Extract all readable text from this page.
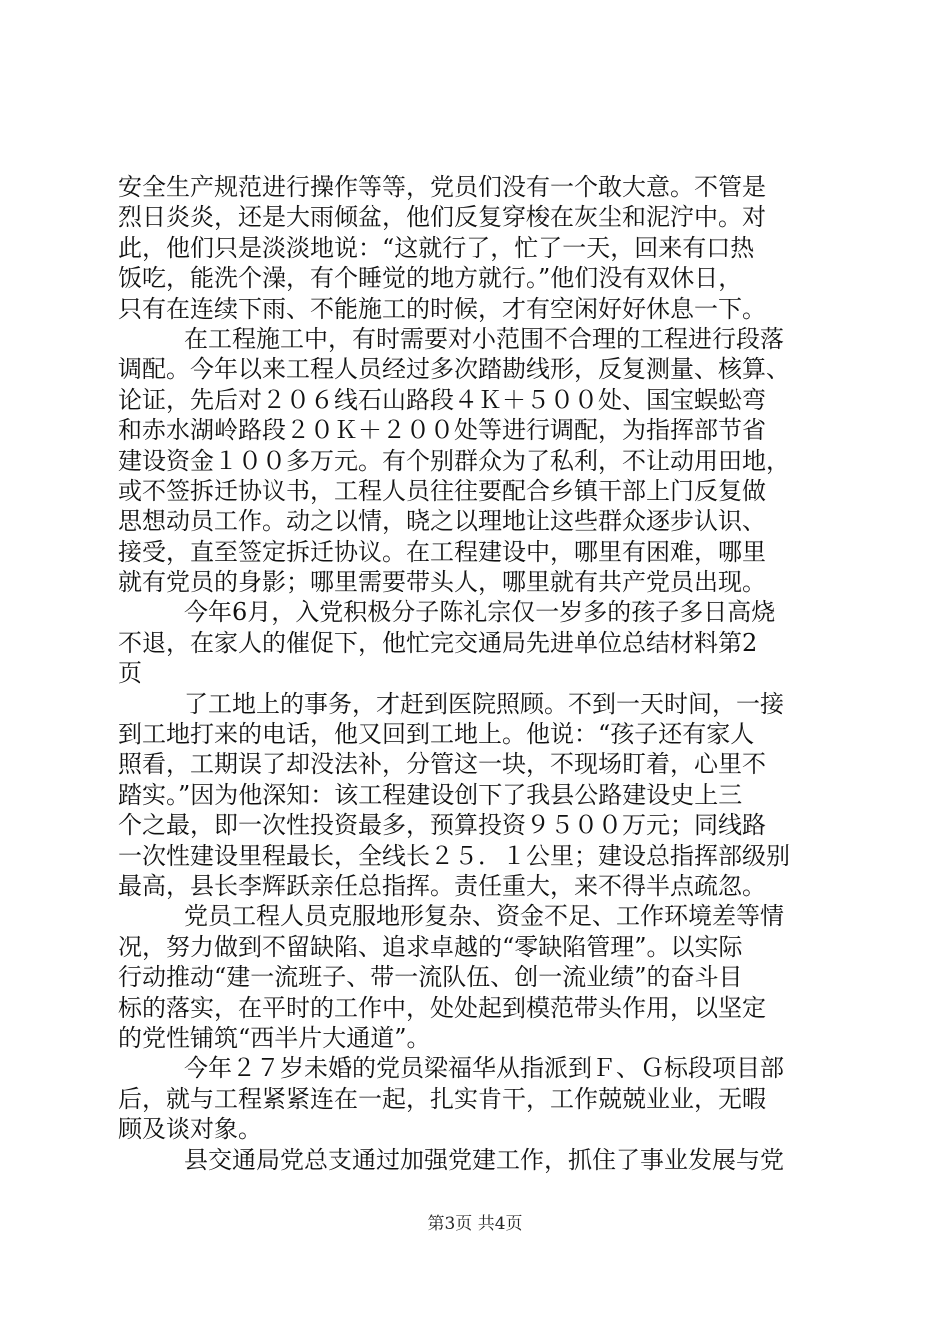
安全生产规范进行操作等等，党员们没有一个敢大意。不管是
烈日炎炎，还是大雨倾盆，他们反复穿梭在灰尘和泥泞中。对
此，他们只是淡淡地说：“这就行了，忙了一天，回来有口热
饭吃，能洗个澡，有个睡觉的地方就行。”他们没有双休日，
只有在连续下雨、不能施工的时候，才有空闲好好休息一下。
在工程施工中，有时需要对小范围不合理的工程进行段落
调配。今年以来工程人员经过多次踏勘线形，反复测量、核算、
论证，先后对２０６线石山路段４Ｋ＋５００处、国宝蜈蚣弯
和赤水湖岭路段２０Ｋ＋２００处等进行调配，为指挥部节省
建设资金１００多万元。有个别群众为了私利，不让动用田地，
或不签拆迁协议书，工程人员往往要配合乡镇干部上门反复做
思想动员工作。动之以情，晓之以理地让这些群众逐步认识、
接受，直至签定拆迁协议。在工程建设中，哪里有困难，哪里
就有党员的身影；哪里需要带头人，哪里就有共产党员出现。
今年6月，入党积极分子陈礼宗仅一岁多的孩子多日高烧
不退，在家人的催促下，他忙完交通局先进单位总结材料第2
页
了工地上的事务，才赶到医院照顾。不到一天时间，一接
到工地打来的电话，他又回到工地上。他说：“孩子还有家人
照看，工期误了却没法补，分管这一块，不现场盯着，心里不
踏实。”因为他深知：该工程建设创下了我县公路建设史上三
个之最，即一次性投资最多，预算投资９５００万元；同线路
一次性建设里程最长，全线长２５．１公里；建设总指挥部级别
最高，县长李辉跃亲任总指挥。责任重大，来不得半点疏忽。
党员工程人员克服地形复杂、资金不足、工作环境差等情
况，努力做到不留缺陷、追求卓越的“零缺陷管理”。以实际
行动推动“建一流班子、带一流队伍、创一流业绩”的奋斗目
标的落实，在平时的工作中，处处起到模范带头作用，以坚定
的党性铺筑“西半片大通道”。
今年２７岁未婚的党员梁福华从指派到Ｆ、Ｇ标段项目部
后，就与工程紧紧连在一起，扎实肯干，工作兢兢业业，无暇
顾及谈对象。
县交通局党总支通过加强党建工作，抓住了事业发展与党
第3页 共4页
